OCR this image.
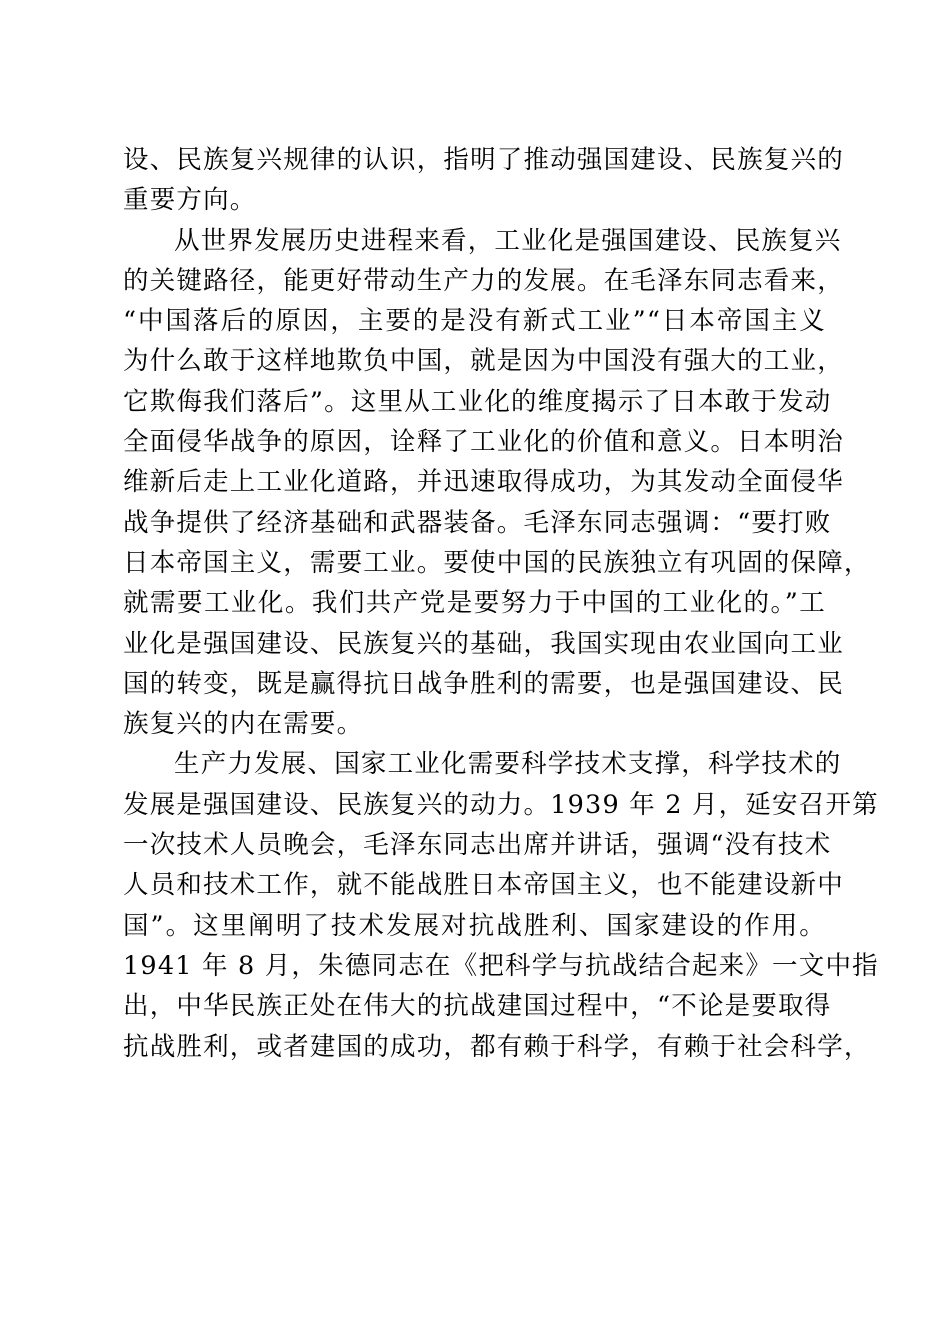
设、民族复兴规律的认识，指明了推动强国建设、民族复兴的
重要方向。
从世界发展历史进程来看，工业化是强国建设、民族复兴
的关键路径，能更好带动生产力的发展。在毛泽东同志看来，
“中国落后的原因，主要的是没有新式工业”“日本帝国主义
为什么敢于这样地欺负中国，就是因为中国没有强大的工业，
它欺侮我们落后”。这里从工业化的维度揭示了日本敢于发动
全面侵华战争的原因，诠释了工业化的价值和意义。日本明治
维新后走上工业化道路，并迅速取得成功，为其发动全面侵华
战争提供了经济基础和武器装备。毛泽东同志强调：“要打败
日本帝国主义，需要工业。要使中国的民族独立有巩固的保障，
就需要工业化。我们共产党是要努力于中国的工业化的。”工
业化是强国建设、民族复兴的基础，我国实现由农业国向工业
国的转变，既是赢得抗日战争胜利的需要，也是强国建设、民
族复兴的内在需要。
生产力发展、国家工业化需要科学技术支撑，科学技术的
发展是强国建设、民族复兴的动力。1939 年 2 月，延安召开第
一次技术人员晚会，毛泽东同志出席并讲话，强调“没有技术
人员和技术工作，就不能战胜日本帝国主义，也不能建设新中
国”。这里阐明了技术发展对抗战胜利、国家建设的作用。
1941 年 8 月，朱德同志在《把科学与抗战结合起来》一文中指
出，中华民族正处在伟大的抗战建国过程中，“不论是要取得
抗战胜利，或者建国的成功，都有赖于科学，有赖于社会科学，
